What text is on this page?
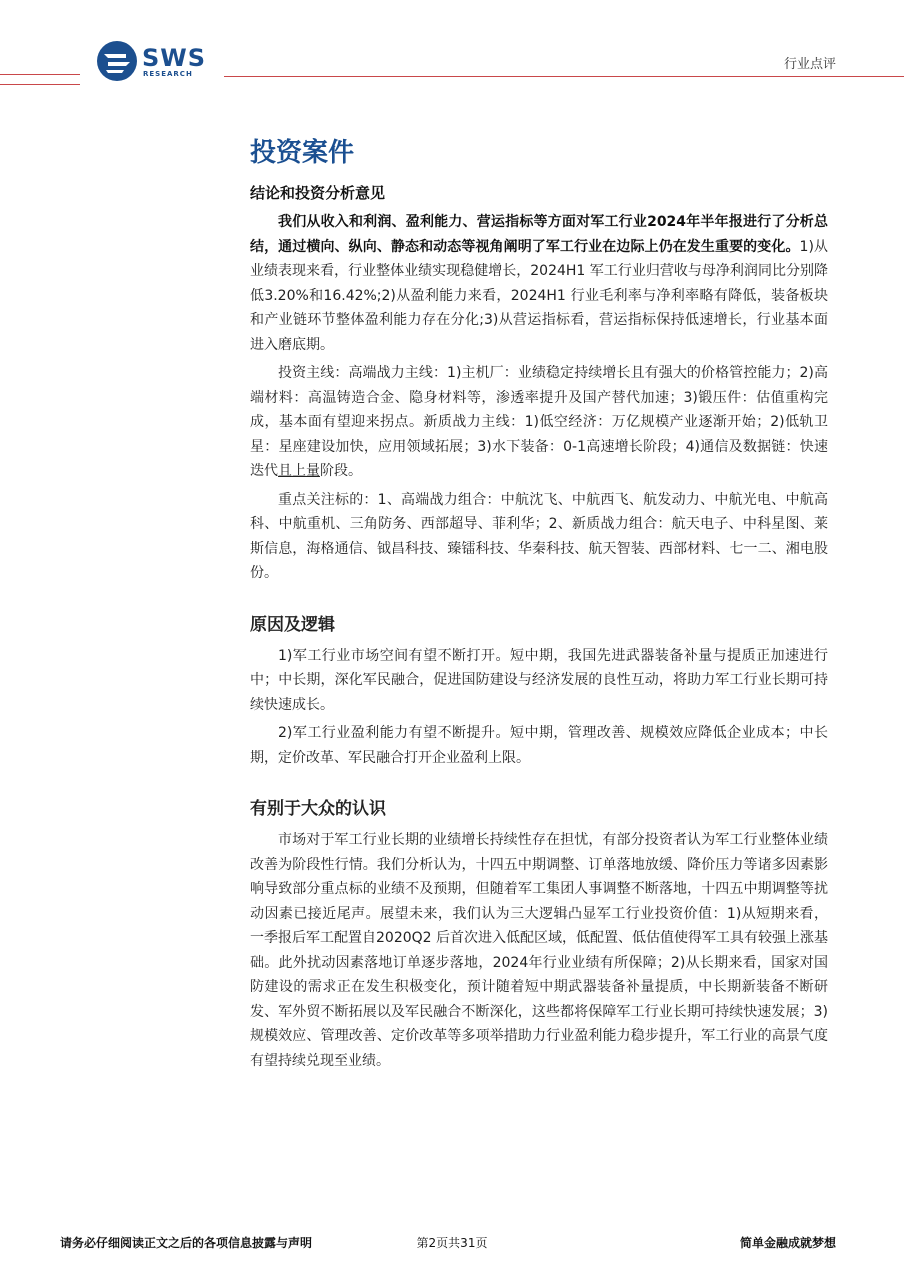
SWS
RESEARCH
行业点评
投资案件
结论和投资分析意见

我们从收入和利润、盈利能力、营运指标等方面对军工行业2024年半年报进行了分析总结，通过横向、纵向、静态和动态等视角阐明了军工行业在边际上仍在发生重要的变化。1)从业绩表现来看，行业整体业绩实现稳健增长，2024H1 军工行业归营收与母净利润同比分别降低3.20%和16.42%;2)从盈利能力来看，2024H1 行业毛利率与净利率略有降低，装备板块和产业链环节整体盈利能力存在分化;3)从营运指标看，营运指标保持低速增长，行业基本面进入磨底期。

投资主线：高端战力主线：1)主机厂：业绩稳定持续增长且有强大的价格管控能力；2)高端材料：高温铸造合金、隐身材料等，渗透率提升及国产替代加速；3)锻压件：估值重构完成，基本面有望迎来拐点。新质战力主线：1)低空经济：万亿规模产业逐渐开始；2)低轨卫星：星座建设加快，应用领域拓展；3)水下装备：0-1高速增长阶段；4)通信及数据链：快速迭代且上量阶段。

重点关注标的：1、高端战力组合：中航沈飞、中航西飞、航发动力、中航光电、中航高科、中航重机、三角防务、西部超导、菲利华；2、新质战力组合：航天电子、中科星图、莱斯信息，海格通信、钺昌科技、臻镭科技、华秦科技、航天智装、西部材料、七一二、湘电股份。

原因及逻辑

1)军工行业市场空间有望不断打开。短中期，我国先进武器装备补量与提质正加速进行中；中长期，深化军民融合，促进国防建设与经济发展的良性互动，将助力军工行业长期可持续快速成长。

2)军工行业盈利能力有望不断提升。短中期，管理改善、规模效应降低企业成本；中长期，定价改革、军民融合打开企业盈利上限。

有别于大众的认识

市场对于军工行业长期的业绩增长持续性存在担忧，有部分投资者认为军工行业整体业绩改善为阶段性行情。我们分析认为，十四五中期调整、订单落地放缓、降价压力等诸多因素影响导致部分重点标的业绩不及预期，但随着军工集团人事调整不断落地，十四五中期调整等扰动因素已接近尾声。展望未来，我们认为三大逻辑凸显军工行业投资价值：1)从短期来看， 一季报后军工配置自2020Q2 后首次进入低配区域，低配置、低估值使得军工具有较强上涨基础。此外扰动因素落地订单逐步落地，2024年行业业绩有所保障；2)从长期来看，国家对国防建设的需求正在发生积极变化，预计随着短中期武器装备补量提质，中长期新装备不断研发、军外贸不断拓展以及军民融合不断深化，这些都将保障军工行业长期可持续快速发展；3)规模效应、管理改善、定价改革等多项举措助力行业盈利能力稳步提升，军工行业的高景气度有望持续兑现至业绩。

请务必仔细阅读正文之后的各项信息披露与声明	第2页共31页	简单金融成就梦想
